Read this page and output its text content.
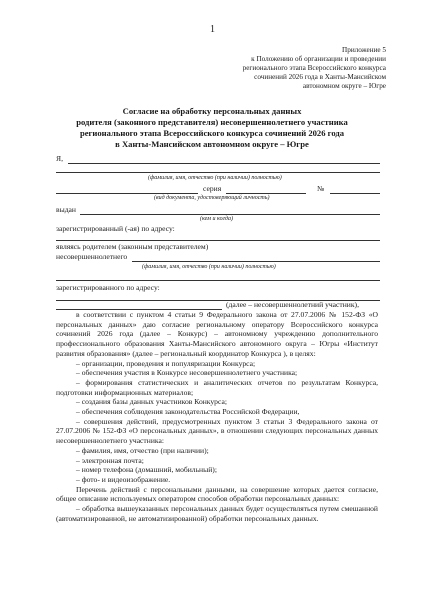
1
Приложение 5
к Положению об организации и проведении
регионального этапа Всероссийского конкурса
сочинений 2026 года в Ханты-Мансийском
автономном округе – Югре
Согласие на обработку персональных данных
родителя (законного представителя) несовершеннолетнего участника
регионального этапа Всероссийского конкурса сочинений 2026 года
в Ханты-Мансийском автономном округе – Югре
Я,
(фамилия, имя, отчество (при наличии) полностью)
серия	№
(вид документа, удостоверяющий личность)
выдан
(кем и когда)
зарегистрированный (-ая) по адресу:
являясь родителем (законным представителем)
несовершеннолетнего
(фамилия, имя, отчество (при наличии) полностью)
зарегистрированного по адресу:
(далее – несовершеннолетний участник),

в соответствии с пунктом 4 статьи 9 Федерального закона от 27.07.2006 № 152-ФЗ «О персональных данных» даю согласие региональному оператору Всероссийского конкурса сочинений 2026 года (далее – Конкурс) – автономному учреждению дополнительного профессионального образования Ханты-Мансийского автономного округа – Югры «Институт развития образования» (далее – региональный координатор Конкурса ), в целях:

– организации, проведения и популяризации Конкурса;

– обеспечения участия в Конкурсе несовершеннолетнего участника;

– формирования статистических и аналитических отчетов по результатам Конкурса, подготовки информационных материалов;

– создания базы данных участников Конкурса;

– обеспечения соблюдения законодательства Российской Федерации,

– совершения действий, предусмотренных пунктом 3 статьи 3 Федерального закона от 27.07.2006 № 152-ФЗ «О персональных данных», в отношении следующих персональных данных несовершеннолетнего участника:

– фамилия, имя, отчество (при наличии);

– электронная почта;

– номер телефона (домашний, мобильный);

– фото- и видеоизображение.

Перечень действий с персональными данными, на совершение которых дается согласие, общее описание используемых оператором способов обработки персональных данных:

– обработка вышеуказанных персональных данных будет осуществляться путем смешанной (автоматизированной, не автоматизированной) обработки персональных данных.
